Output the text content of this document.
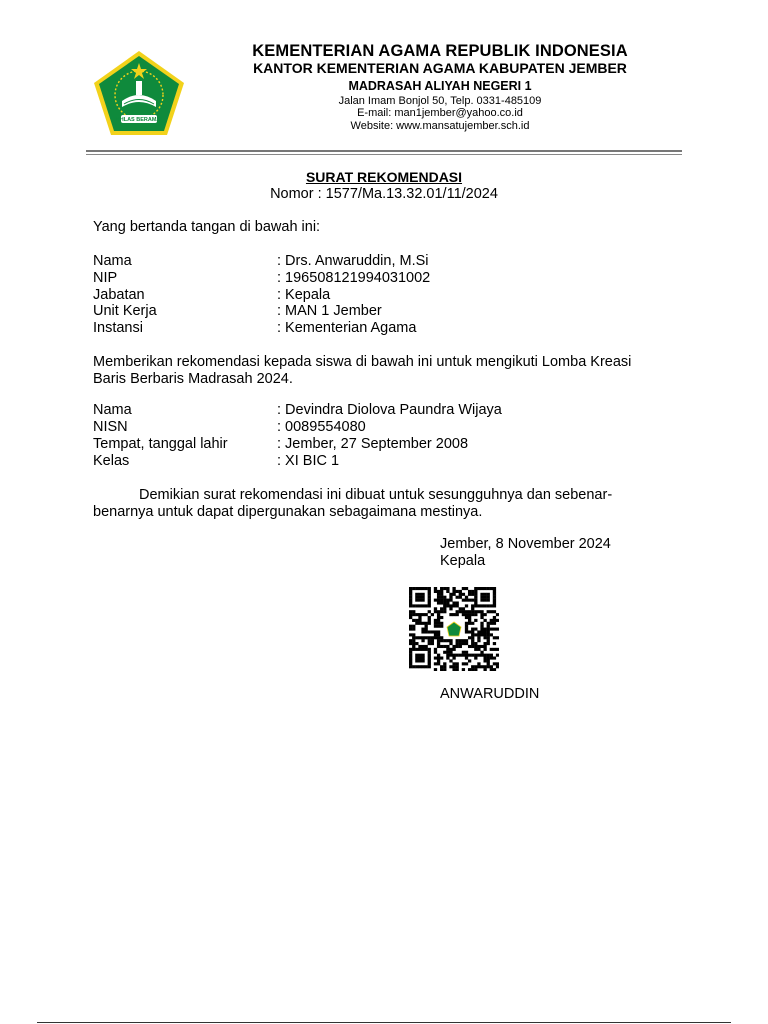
IKHLAS BERAMAL
KEMENTERIAN AGAMA REPUBLIK INDONESIA
KANTOR KEMENTERIAN AGAMA KABUPATEN JEMBER
MADRASAH ALIYAH NEGERI 1
Jalan Imam Bonjol 50, Telp. 0331-485109
E-mail: man1jember@yahoo.co.id
Website: www.mansatujember.sch.id
SURAT REKOMENDASI
Nomor : 1577/Ma.13.32.01/11/2024
Yang bertanda tangan di bawah ini:
Nama	: Drs. Anwaruddin, M.Si
NIP	: 196508121994031002
Jabatan	: Kepala
Unit Kerja	: MAN 1 Jember
Instansi	: Kementerian Agama
Memberikan rekomendasi kepada siswa di bawah ini untuk mengikuti Lomba Kreasi
Baris Berbaris Madrasah 2024.
Nama	: Devindra Diolova Paundra Wijaya
NISN	: 0089554080
Tempat, tanggal lahir	: Jember, 27 September 2008
Kelas	: XI BIC 1
Demikian surat rekomendasi ini dibuat untuk sesungguhnya dan sebenar-
benarnya untuk dapat dipergunakan sebagaimana mestinya.
Jember, 8 November 2024
Kepala
ANWARUDDIN
